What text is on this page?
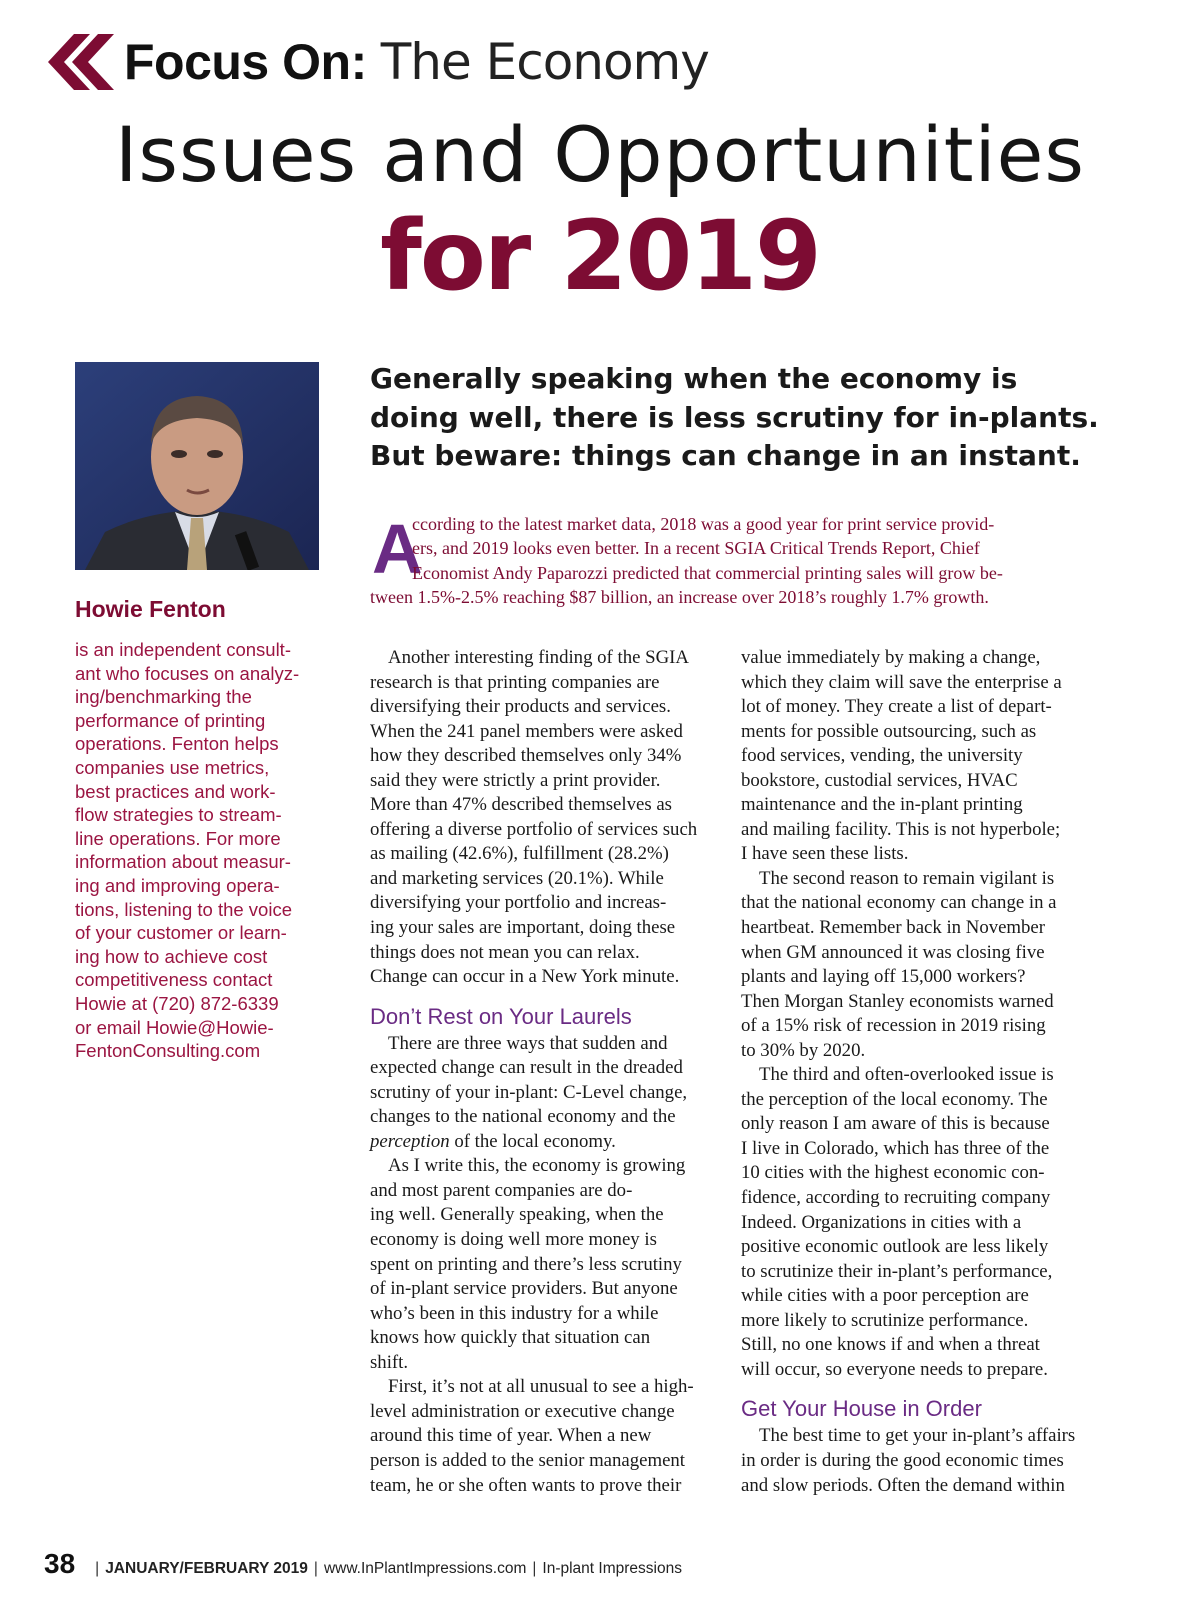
Focus On: The Economy
Issues and Opportunities
for 2019
Howie Fenton
is an independent consult-
ant who focuses on analyz-
ing/benchmarking the
performance of printing
operations. Fenton helps
companies use metrics,
best practices and work-
flow strategies to stream-
line operations. For more
information about measur-
ing and improving opera-
tions, listening to the voice
of your customer or learn-
ing how to achieve cost
competitiveness contact
Howie at (720) 872-6339
or email Howie@Howie-
FentonConsulting.com
Generally speaking when the economy is
doing well, there is less scrutiny for in-plants.
But beware: things can change in an instant.
A
ccording to the latest market data, 2018 was a good year for print service provid-
ers, and 2019 looks even better. In a recent SGIA Critical Trends Report, Chief
Economist Andy Paparozzi predicted that commercial printing sales will grow be-
tween 1.5%-2.5% reaching $87 billion, an increase over 2018’s roughly 1.7% growth.
Another interesting finding of the SGIA
research is that printing companies are
diversifying their products and services.
When the 241 panel members were asked
how they described themselves only 34%
said they were strictly a print provider.
More than 47% described themselves as
offering a diverse portfolio of services such
as mailing (42.6%), fulfillment (28.2%)
and marketing services (20.1%). While
diversifying your portfolio and increas-
ing your sales are important, doing these
things does not mean you can relax.
Change can occur in a New York minute.
Don’t Rest on Your Laurels
There are three ways that sudden and
expected change can result in the dreaded
scrutiny of your in-plant: C-Level change,
changes to the national economy and the
perception of the local economy.
As I write this, the economy is growing
and most parent companies are do-
ing well. Generally speaking, when the
economy is doing well more money is
spent on printing and there’s less scrutiny
of in-plant service providers. But anyone
who’s been in this industry for a while
knows how quickly that situation can
shift.
First, it’s not at all unusual to see a high-
level administration or executive change
around this time of year. When a new
person is added to the senior management
team, he or she often wants to prove their
value immediately by making a change,
which they claim will save the enterprise a
lot of money. They create a list of depart-
ments for possible outsourcing, such as
food services, vending, the university
bookstore, custodial services, HVAC
maintenance and the in-plant printing
and mailing facility. This is not hyperbole;
I have seen these lists.
The second reason to remain vigilant is
that the national economy can change in a
heartbeat. Remember back in November
when GM announced it was closing five
plants and laying off 15,000 workers?
Then Morgan Stanley economists warned
of a 15% risk of recession in 2019 rising
to 30% by 2020.
The third and often-overlooked issue is
the perception of the local economy. The
only reason I am aware of this is because
I live in Colorado, which has three of the
10 cities with the highest economic con-
fidence, according to recruiting company
Indeed. Organizations in cities with a
positive economic outlook are less likely
to scrutinize their in-plant’s performance,
while cities with a poor perception are
more likely to scrutinize performance.
Still, no one knows if and when a threat
will occur, so everyone needs to prepare.
Get Your House in Order
The best time to get your in-plant’s affairs
in order is during the good economic times
and slow periods. Often the demand within
38	| JANUARY/FEBRUARY 2019 | www.InPlantImpressions.com | In-plant Impressions
